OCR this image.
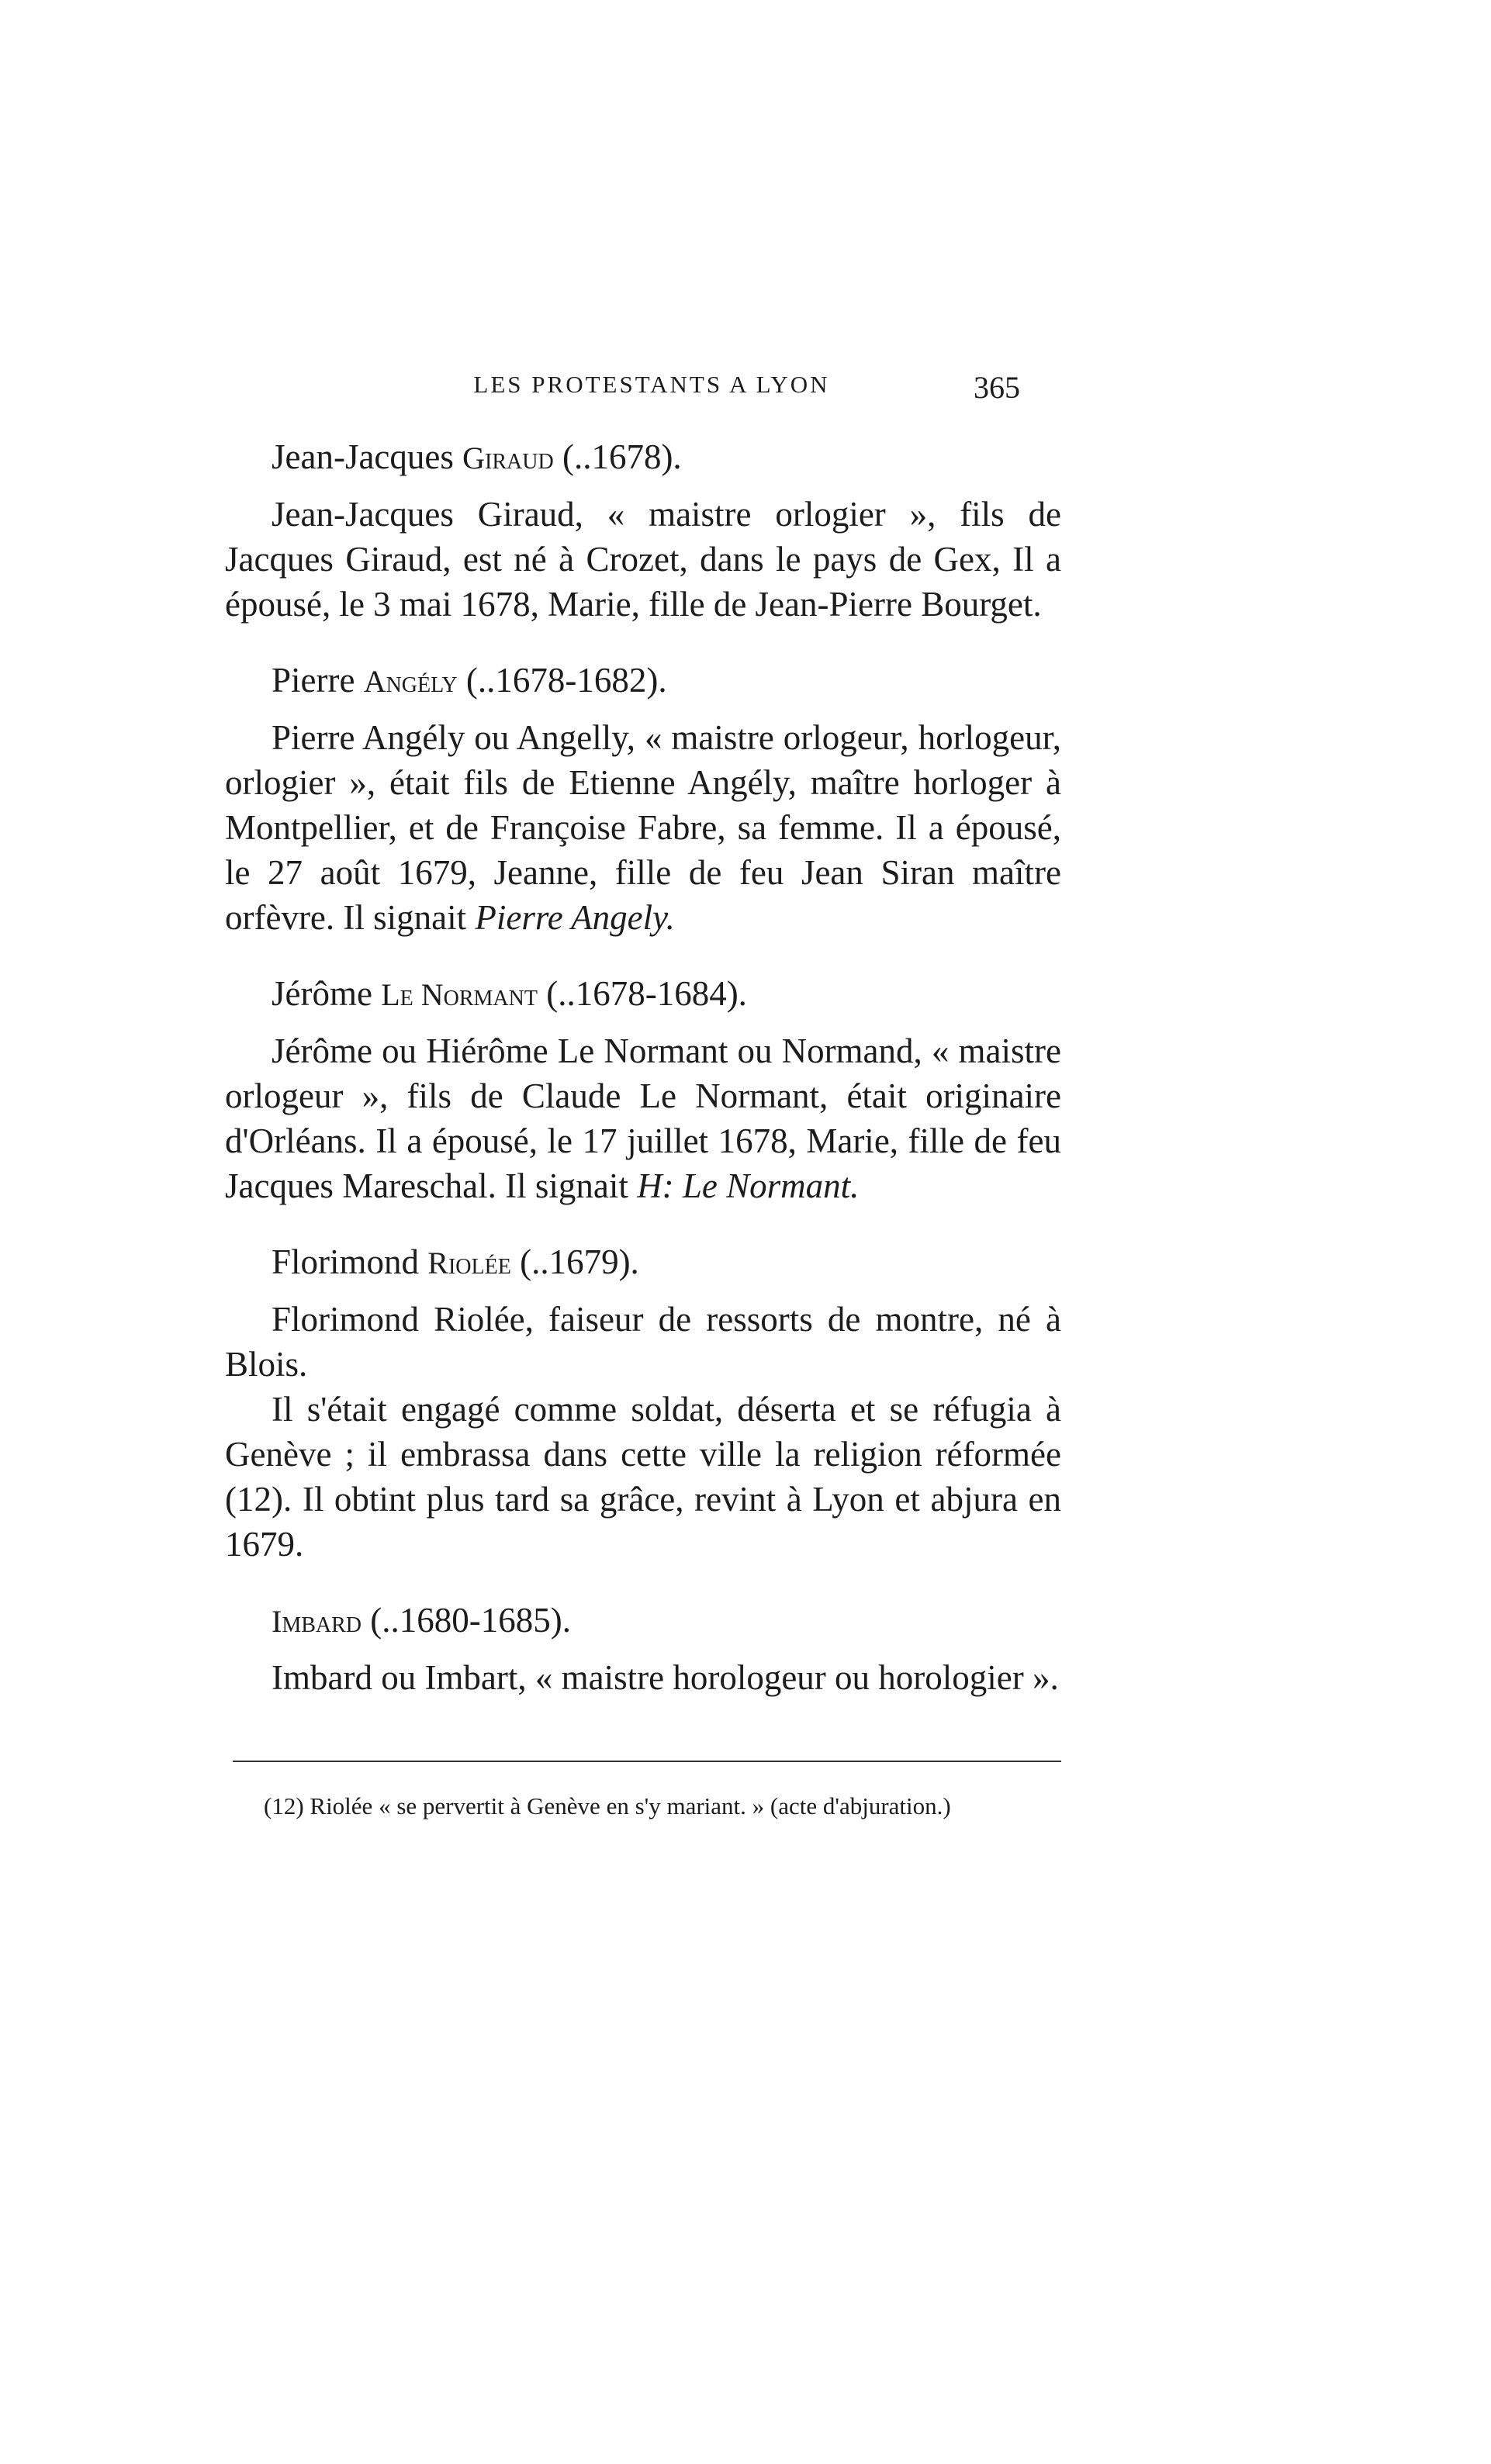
LES PROTESTANTS A LYON	365

Jean-Jacques Giraud (..1678).

Jean-Jacques Giraud, « maistre orlogier », fils de Jacques Giraud, est né à Crozet, dans le pays de Gex, Il a épousé, le 3 mai 1678, Marie, fille de Jean-Pierre Bourget.

Pierre Angély (..1678-1682).

Pierre Angély ou Angelly, « maistre orlogeur, horlogeur, orlogier », était fils de Etienne Angély, maître horloger à Montpellier, et de Françoise Fabre, sa femme. Il a épousé, le 27 août 1679, Jeanne, fille de feu Jean Siran maître orfèvre. Il signait Pierre Angely.

Jérôme Le Normant (..1678-1684).

Jérôme ou Hiérôme Le Normant ou Normand, « maistre orlogeur », fils de Claude Le Normant, était originaire d'Orléans. Il a épousé, le 17 juillet 1678, Marie, fille de feu Jacques Mareschal. Il signait H: Le Normant.

Florimond Riolée (..1679).

Florimond Riolée, faiseur de ressorts de montre, né à Blois.

Il s'était engagé comme soldat, déserta et se réfugia à Genève ; il embrassa dans cette ville la religion réformée (12). Il obtint plus tard sa grâce, revint à Lyon et abjura en 1679.

Imbard (..1680-1685).

Imbard ou Imbart, « maistre horologeur ou horologier ».

(12) Riolée « se pervertit à Genève en s'y mariant. » (acte d'abjuration.)
